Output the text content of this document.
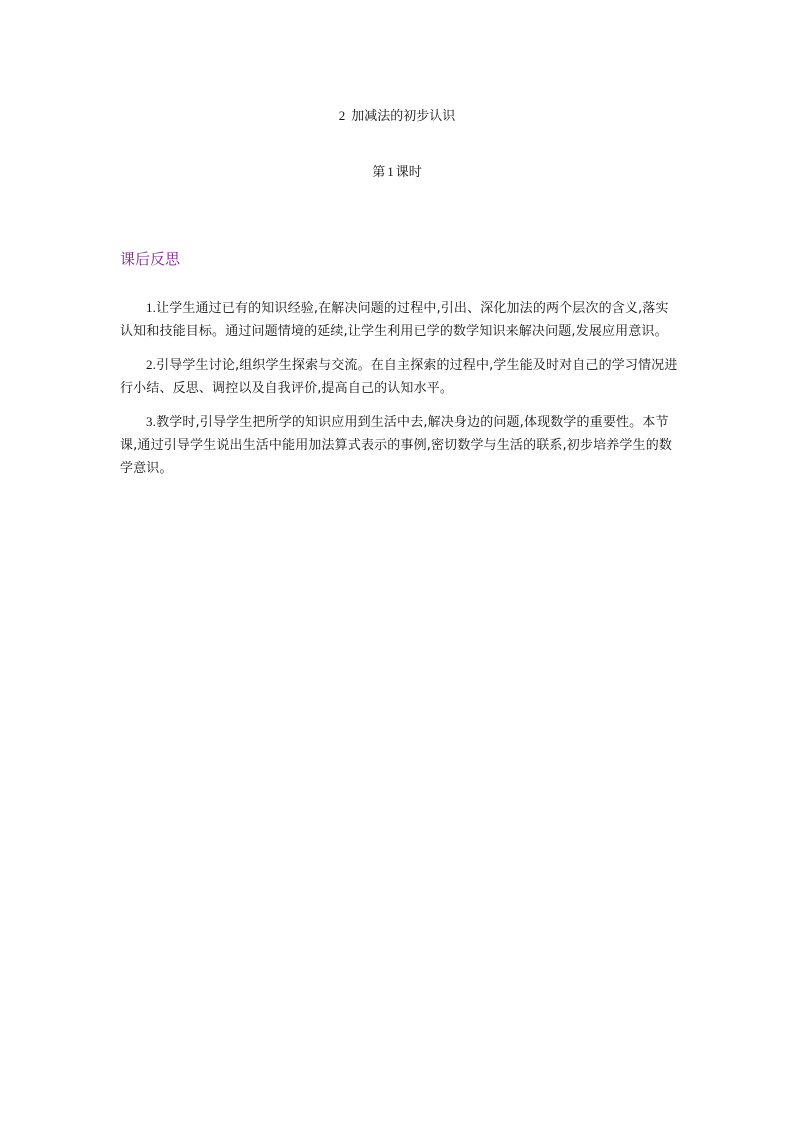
2 加减法的初步认识
第 1 课时
课后反思

1.让学生通过已有的知识经验,在解决问题的过程中,引出、深化加法的两个层次的含义,落实认知和技能目标。通过问题情境的延续,让学生利用已学的数学知识来解决问题,发展应用意识。

2.引导学生讨论,组织学生探索与交流。在自主探索的过程中,学生能及时对自己的学习情况进行小结、反思、调控以及自我评价,提高自己的认知水平。

3.教学时,引导学生把所学的知识应用到生活中去,解决身边的问题,体现数学的重要性。本节课,通过引导学生说出生活中能用加法算式表示的事例,密切数学与生活的联系,初步培养学生的数学意识。
